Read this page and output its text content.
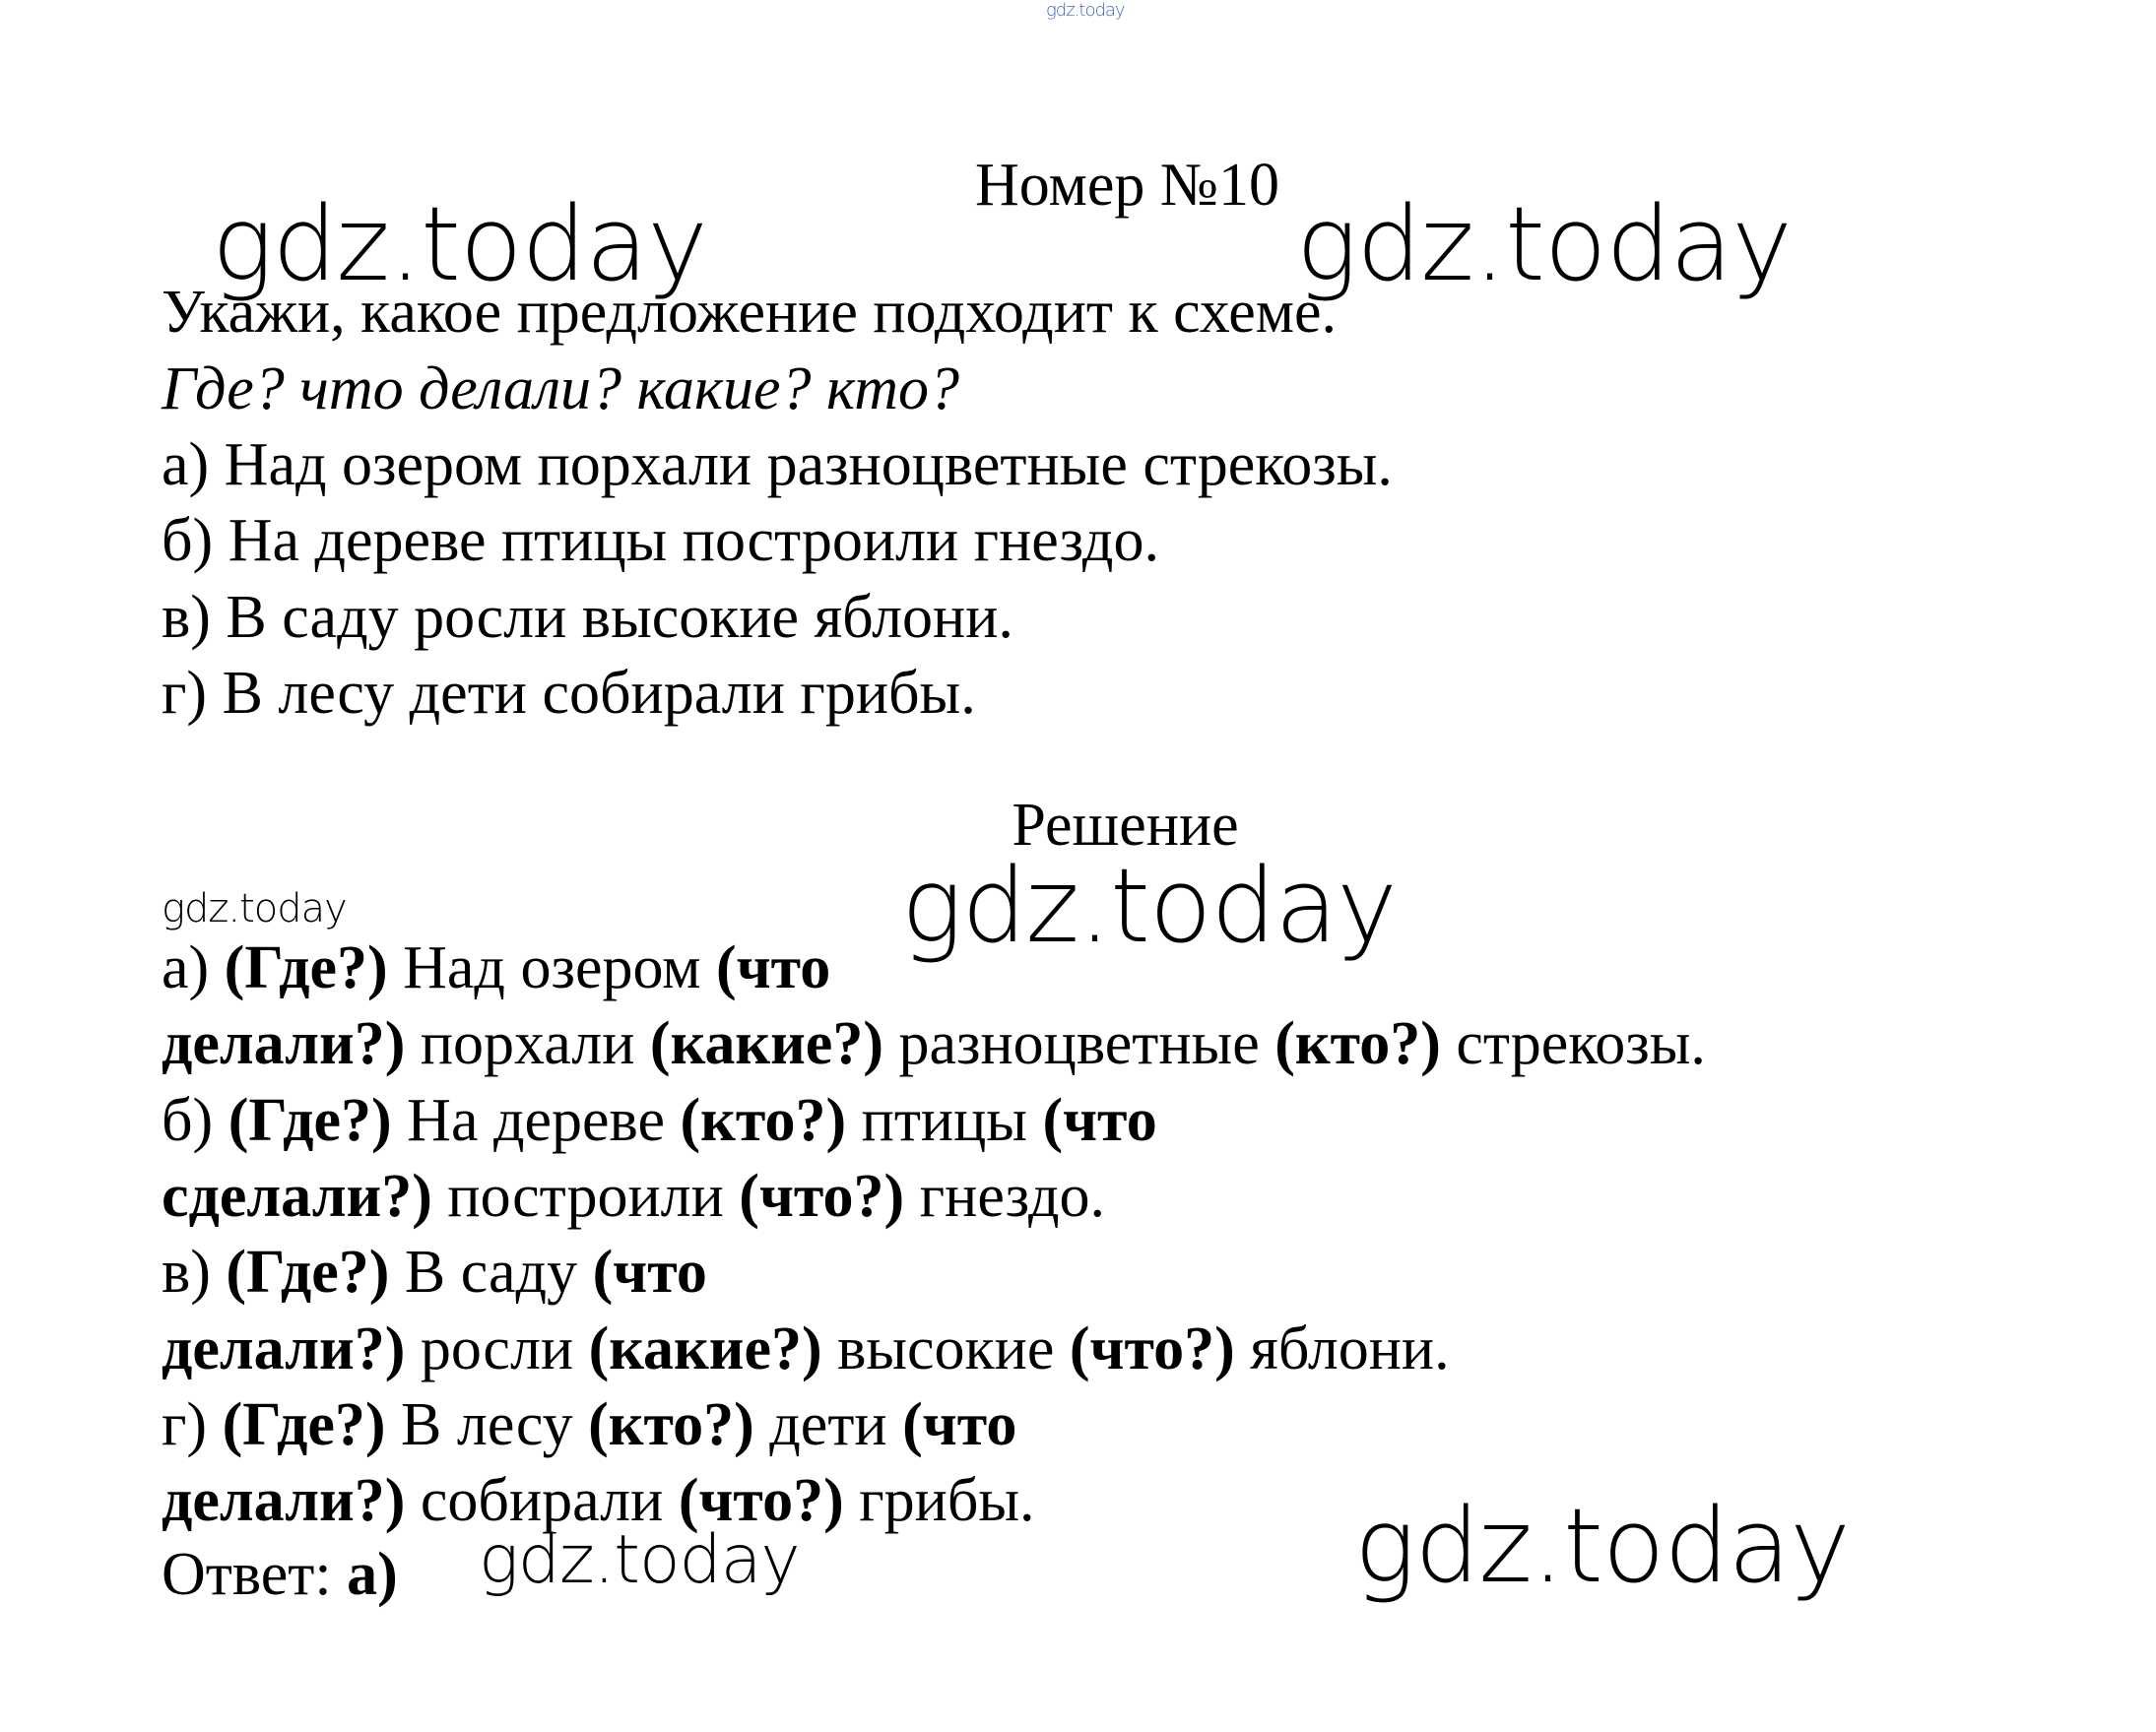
gdz.today
gdz.today	gdz.today
gdz.today	gdz.today
gdz.today	gdz.today
Номер №10
Укажи, какое предложение подходит к схеме.
Где? что делали? какие? кто?
а) Над озером порхали разноцветные стрекозы.
б) На дереве птицы построили гнездо.
в) В саду росли высокие яблони.
г) В лесу дети собирали грибы.
Решение
а) (Где?) Над озером (что
делали?) порхали (какие?) разноцветные (кто?) стрекозы.
б) (Где?) На дереве (кто?) птицы (что
сделали?) построили (что?) гнездо.
в) (Где?) В саду (что
делали?) росли (какие?) высокие (что?) яблони.
г) (Где?) В лесу (кто?) дети (что
делали?) собирали (что?) грибы.
Ответ: а)
